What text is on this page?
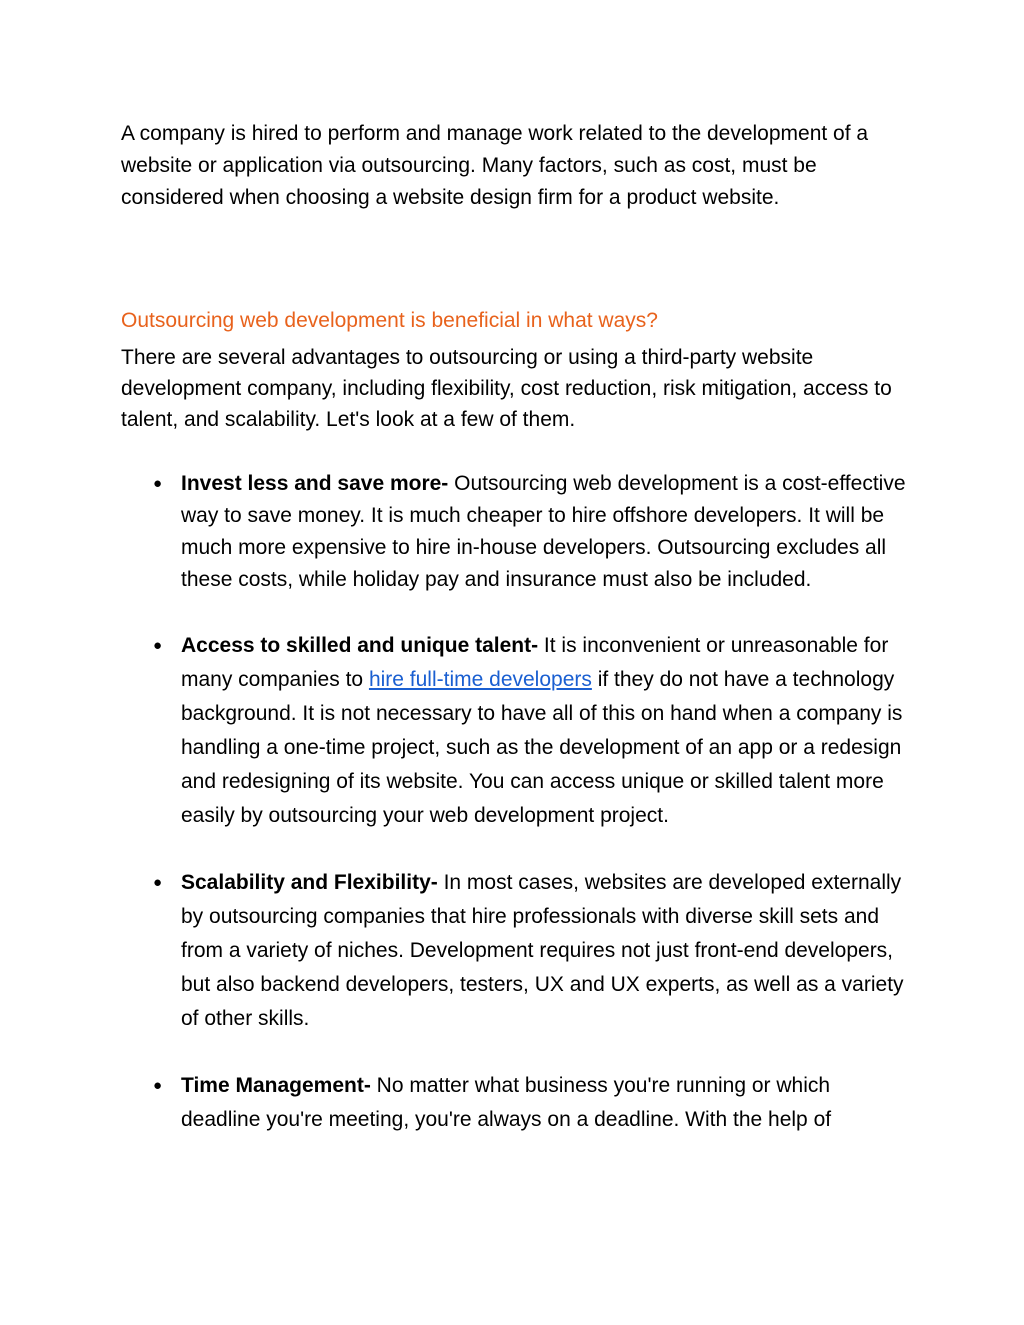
A company is hired to perform and manage work related to the development of a website or application via outsourcing. Many factors, such as cost, must be considered when choosing a website design firm for a product website.

Outsourcing web development is beneficial in what ways?

There are several advantages to outsourcing or using a third-party website development company, including flexibility, cost reduction, risk mitigation, access to talent, and scalability. Let's look at a few of them.

● Invest less and save more- Outsourcing web development is a cost-effective way to save money. It is much cheaper to hire offshore developers. It will be much more expensive to hire in-house developers. Outsourcing excludes all these costs, while holiday pay and insurance must also be included.
● Access to skilled and unique talent- It is inconvenient or unreasonable for many companies to hire full-time developers if they do not have a technology background. It is not necessary to have all of this on hand when a company is handling a one-time project, such as the development of an app or a redesign and redesigning of its website. You can access unique or skilled talent more easily by outsourcing your web development project.
● Scalability and Flexibility- In most cases, websites are developed externally by outsourcing companies that hire professionals with diverse skill sets and from a variety of niches. Development requires not just front-end developers, but also backend developers, testers, UX and UX experts, as well as a variety of other skills.
● Time Management- No matter what business you're running or which deadline you're meeting, you're always on a deadline. With the help of
